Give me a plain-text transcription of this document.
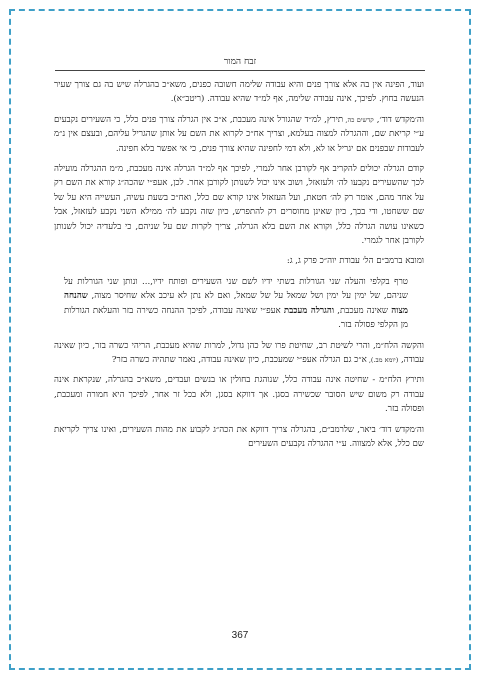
זבח המור

ועוד, הפינה אין בה אלא צורך פנים והיא עבודה שלימה חשובה כפנים, משא״כ בהגרלה שיש בה גם צורך שעיר הנעשה בחוץ. לפיכך, אינה עבודה שלימה, אף למ״ד שהיא עבודה. (ריטב״א).

וה׳מקדש דוד׳, קדשים כה, תירץ, למ״ד שהגורל אינה מעכבת, א״כ אין הגרלה צורך פנים כלל, כי השעירים נקבעים ע״י קריאת שם, וההגרלה למצוה בעלמא, וצריך אח״כ לקרוא את השם על אותן שהגריל עליהם, ובעצם אין נ״מ לעבודות שבפנים אם יגריל או לא, ולא דמי לחפינה שהיא צורך פנים, כי אי אפשר בלא חפינה.

קודם הגרלה יכולים להקריב אף לקורבן אחר לגמרי, לפיכך אף למ״ד הגרלה אינה מעכבת, מ״מ ההגרלה מועילה לכך שהשעירים נקבעו לה׳ ולעזאזל, ושוב אינו יכול לשנותן לקורבן אחר. לכן, אעפ״י שהכה״ג קורא את השם רק על אחד מהם, אומר רק לה׳ חטאת, ועל העזאזל אינו קורא שם כלל, ואח״כ בשעת עשיה, העשייה היא על של שם ששחטו, ודי בכך, כיון שאינן מחוסרים רק להתפרש, כיון שזה נקבע לה׳ ממילא השני נקבע לעזאזל, אבל כשאינו עושה הגרלה כלל, וקורא את השם בלא הגרלה, צריך לקרות שם על שניהם, כי בלעדיה יכול לשנותן לקורבן אחר לגמרי.

ומובא ברמב״ם הל׳ עבודת יוה״כ פרק ג, ג:

טרף בקלפי והעלה שני הגורלות בשתי ידיו לשם שני השעירים ופותח ידיו,... ונותן שני הגורלות על שניהם, של ימין על ימין ושל שמאל על של שמאל, ואם לא נתן לא עיכב אלא שחיסר מצוה, שהנחה מצוה שאינה מעכבת, והגרלה מעכבת אעפ״י שאינה עבודה, לפיכך ההנחה כשירה בזר והעלאת הגורלות מן הקלפי פסולה בזר.

והקשה הלח״מ, והרי לשיטת רב, שחיטת פרו של כהן גדול, למרות שהיא מעכבת, הריהי כשרה בזר, כיון שאינה עבודה, (יומא מב.), א״כ גם הגרלה אעפ״י שמעכבת, כיון שאינה עבודה, נאמר שתהיה כשרה בזר?

ותירץ הלח״מ - שחיטה אינה עבודה כלל, שנוהגת בחולין או בנשים ועבדים, משא״כ בהגרלה, שנקראת אינה עבודה רק משום שיש הסובר שכשירה בסגן. אך דווקא בסגן, ולא בכל זר אחר, לפיכך היא חמורה ומעכבת, ופסולה בזר.

וה׳מקדש דוד׳ ביאר, שלרמב״ם, בהגרלה צריך דווקא את הכה״ג לקבוע את מהות השעירים, ואינו צריך לקריאת שם כלל, אלא למצווה. ע״י ההגרלה נקבעים השעירים

367
